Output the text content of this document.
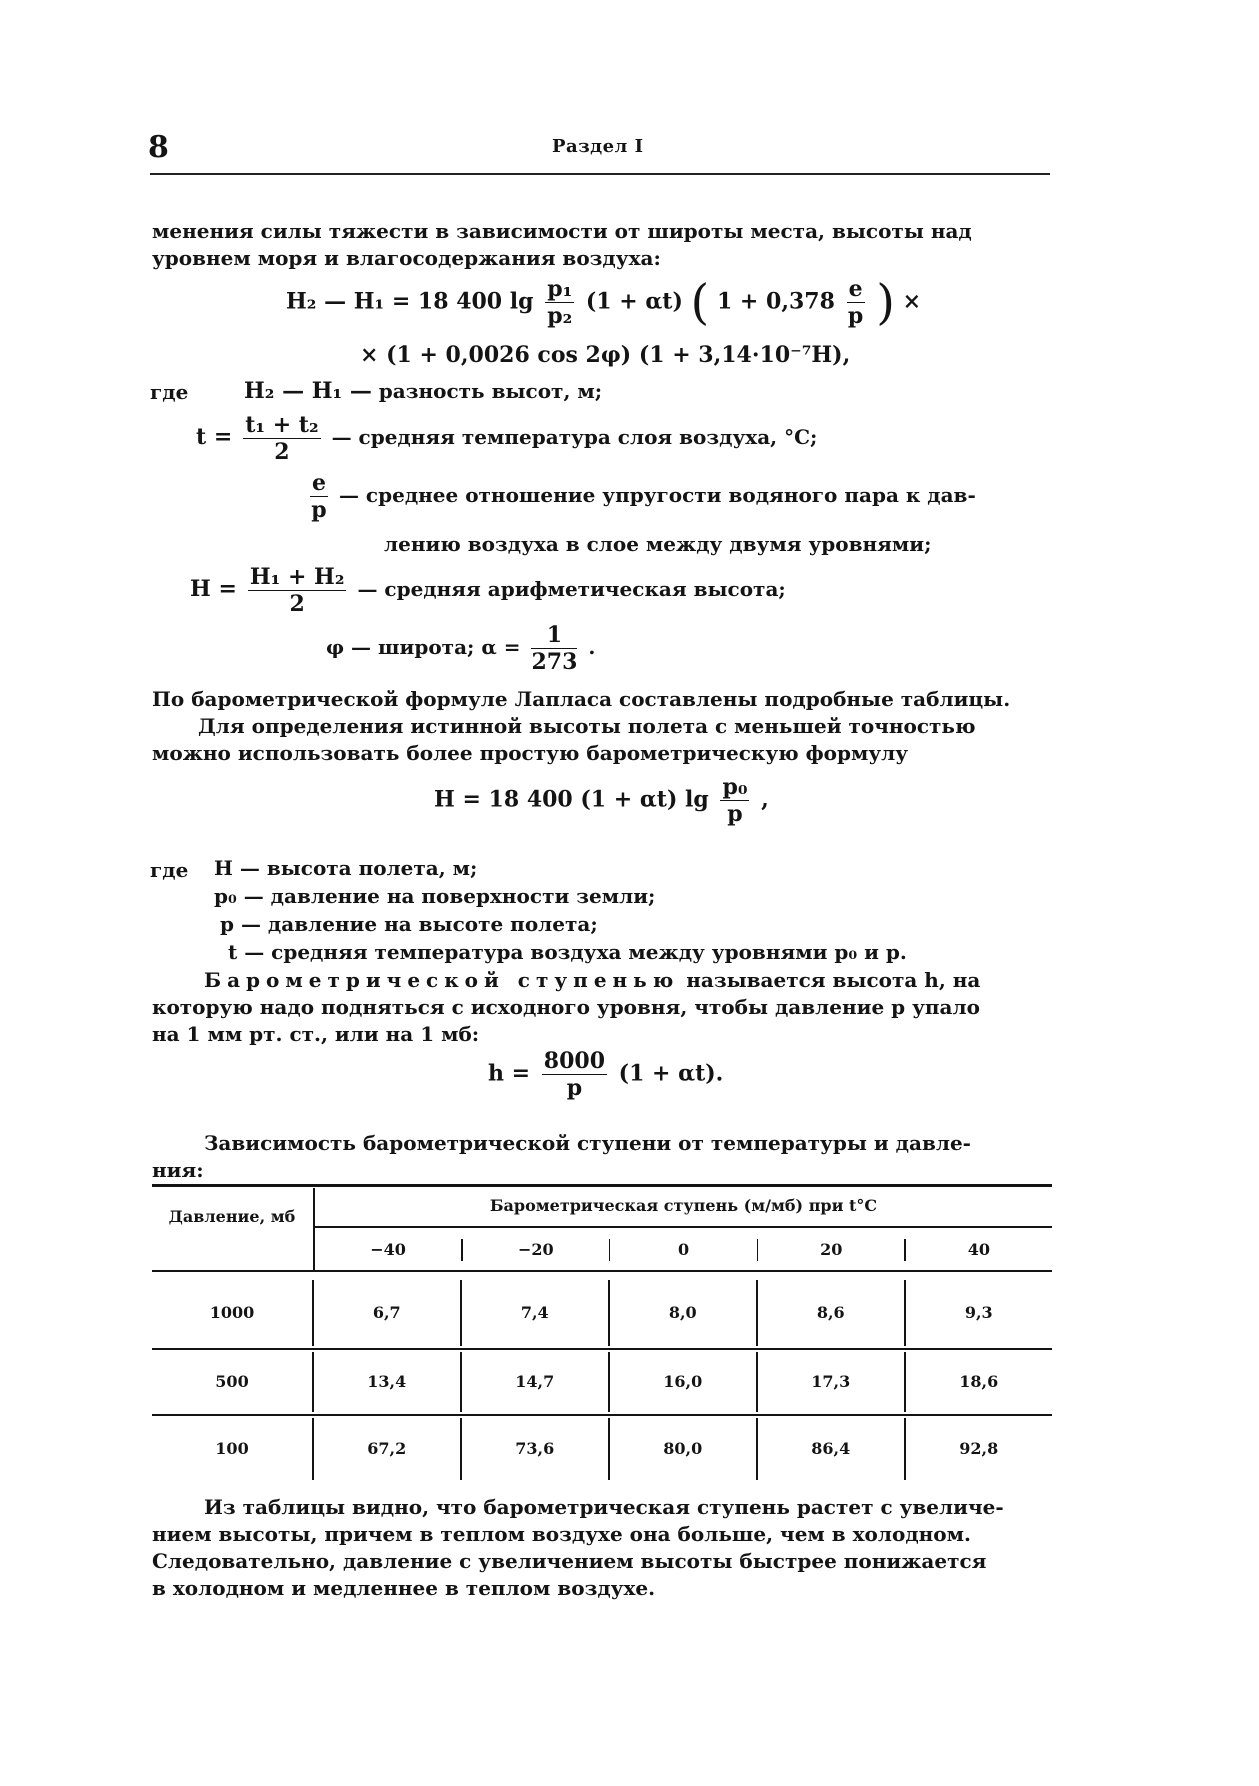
8	Раздел I
менения силы тяжести в зависимости от широты места, высоты над
уровнем моря и влагосодержания воздуха:
H₂ — H₁ = 18 400 $\lg \frac{\text{p₁}}{\text{p₂}} (1 + \alpha t)$ ( $1 + 0,378 \frac{e}{p}$ ) ×
× (1 + 0,0026 cos 2φ) (1 + 3,14·10⁻⁷H),
где	H₂ — H₁ — разность высот, м;
$t = \frac{\text{t₁ + t₂}}{2}$ — средняя температура слоя воздуха, °C;
$\frac{e}{p}$ — среднее отношение упругости водяного пара к дав-
лению воздуха в слое между двумя уровнями;
$H = \frac{\text{H₁ + H₂}}{2}$ — средняя арифметическая высота;
φ — широта; $\alpha = \frac{1}{273}$ .
По барометрической формуле Лапласа составлены подробные таблицы.
Для определения истинной высоты полета с меньшей точностью
можно использовать более простую барометрическую формулу
H = 18 400 (1 + αt) $\lg \frac{\text{p₀}}{p}$ ,
где H — высота полета, м;
p₀ — давление на поверхности земли;
p — давление на высоте полета;
t — средняя температура воздуха между уровнями p₀ и p.
Барометрической ступенью называется высота h, на
которую надо подняться с исходного уровня, чтобы давление p упало
на 1 мм рт. ст., или на 1 мб:
$h = \frac{8000}{p} (1 + \alpha t)$.
Зависимость барометрической ступени от температуры и давле-
ния:
Давление, мб
Барометрическая ступень (м/мб) при t°C
−40	−20	0	20	40
1000	6,7	7,4	8,0	8,6	9,3
500	13,4	14,7	16,0	17,3	18,6
100	67,2	73,6	80,0	86,4	92,8
Из таблицы видно, что барометрическая ступень растет с увеличе-
нием высоты, причем в теплом воздухе она больше, чем в холодном.
Следовательно, давление с увеличением высоты быстрее понижается
в холодном и медленнее в теплом воздухе.
